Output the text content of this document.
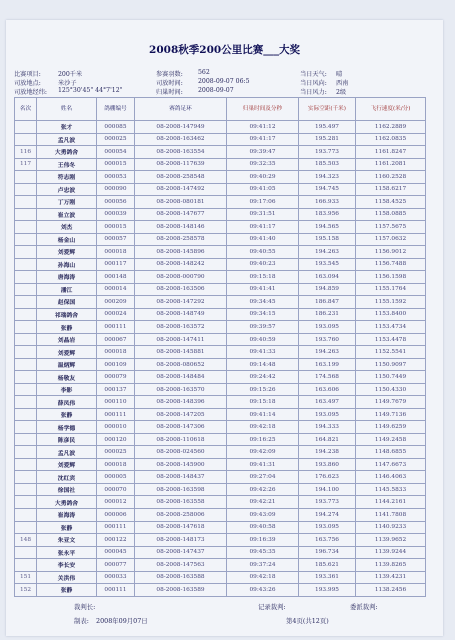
2008秋季200公里比赛___大奖
比赛项目:	200千米	参赛羽数: 562	当日天气: 晴
司放地点:	米沙子	司放时间: 2008-09-07 06:5	当日风向: 西南
司放地经纬: 125°30'45" 44°7'12"	归巢时间: 2008-09-07	当日风力: 2级
名次	姓名	鸽棚编号	赛鸽足环	归巢时间及分秒	实际空距(千米)	飞行速度(米/分)
	张才	000085	08-2008-147949	09:41:12	195.497	1162.2889
	孟凡波	000025	08-2008-163462	09:41:17	195.281	1162.0835
116	大勇鸽舍	000054	08-2008-163554	09:39:47	193.773	1161.8247
117	王伟冬	000015	08-2008-117639	09:32:35	185.503	1161.2081
	符志刚	000053	08-2008-258548	09:40:29	194.323	1160.2528
	卢忠波	000090	08-2008-147492	09:41:05	194.745	1158.6217
	丁万刚	000056	08-2008-080181	09:17:06	166.933	1158.4525
	崔立波	000039	08-2008-147677	09:31:51	183.956	1158.0885
	刘杰	000015	08-2008-148146	09:41:17	194.565	1157.5675
	杨金山	000057	08-2008-258578	09:41:40	195.158	1157.0632
	刘爱辉	000018	08-2008-145896	09:40:55	194.263	1156.9012
	孙海山	000117	08-2008-148242	09:40:23	193.545	1156.7488
	唐海涛	000148	08-2008-000790	09:15:18	163.094	1156.1598
	潘江	000014	08-2008-163506	09:41:41	194.859	1155.1764
	赵保国	000209	08-2008-147292	09:34:45	186.847	1155.1592
	祁瑞鸽舍	000024	08-2008-148749	09:34:15	186.231	1153.8400
	张静	000111	08-2008-163572	09:39:57	193.095	1153.4734
	刘晶岩	000067	08-2008-147411	09:40:59	193.760	1153.4478
	刘爱辉	000018	08-2008-145881	09:41:33	194.263	1152.5541
	温炳辉	000109	08-2008-080652	09:14:48	163.199	1150.9097
	杨敬友	000079	08-2008-148484	09:24:42	174.568	1150.7449
	李影	000137	08-2008-163570	09:15:26	163.606	1150.4330
	薛凤伟	000110	08-2008-148396	09:15:18	163.497	1149.7679
	张静	000111	08-2008-147205	09:41:14	193.095	1149.7136
	杨学德	000010	08-2008-147306	09:42:18	194.333	1149.6259
	陈彦民	000120	08-2008-110618	09:16:25	164.821	1149.2458
	孟凡波	000025	08-2008-024560	09:42:09	194.238	1148.6855
	刘爱辉	000018	08-2008-145900	09:41:31	193.860	1147.6673
	沈红宾	000005	08-2008-148437	09:27:04	176.623	1146.4063
	徐国社	000070	08-2008-163598	09:42:26	194.100	1145.5833
	大勇鸽舍	000012	08-2008-163558	09:42:21	193.773	1144.2161
	崔海涛	000006	08-2008-258006	09:43:09	194.274	1141.7808
	张静	000111	08-2008-147618	09:40:58	193.095	1140.9233
148	朱亚文	000122	08-2008-148173	09:16:39	163.756	1139.9652
	张永平	000045	08-2008-147437	09:45:35	196.734	1139.9244
	李长安	000077	08-2008-147563	09:37:24	185.621	1139.8265
151	关洪伟	000033	08-2008-163588	09:42:18	193.361	1139.4231
152	张静	000111	08-2008-163589	09:43:26	193.995	1138.2456
裁判长:	记录裁判:	委派裁判:
制表: 2008年09月07日	第4页(共12页)
